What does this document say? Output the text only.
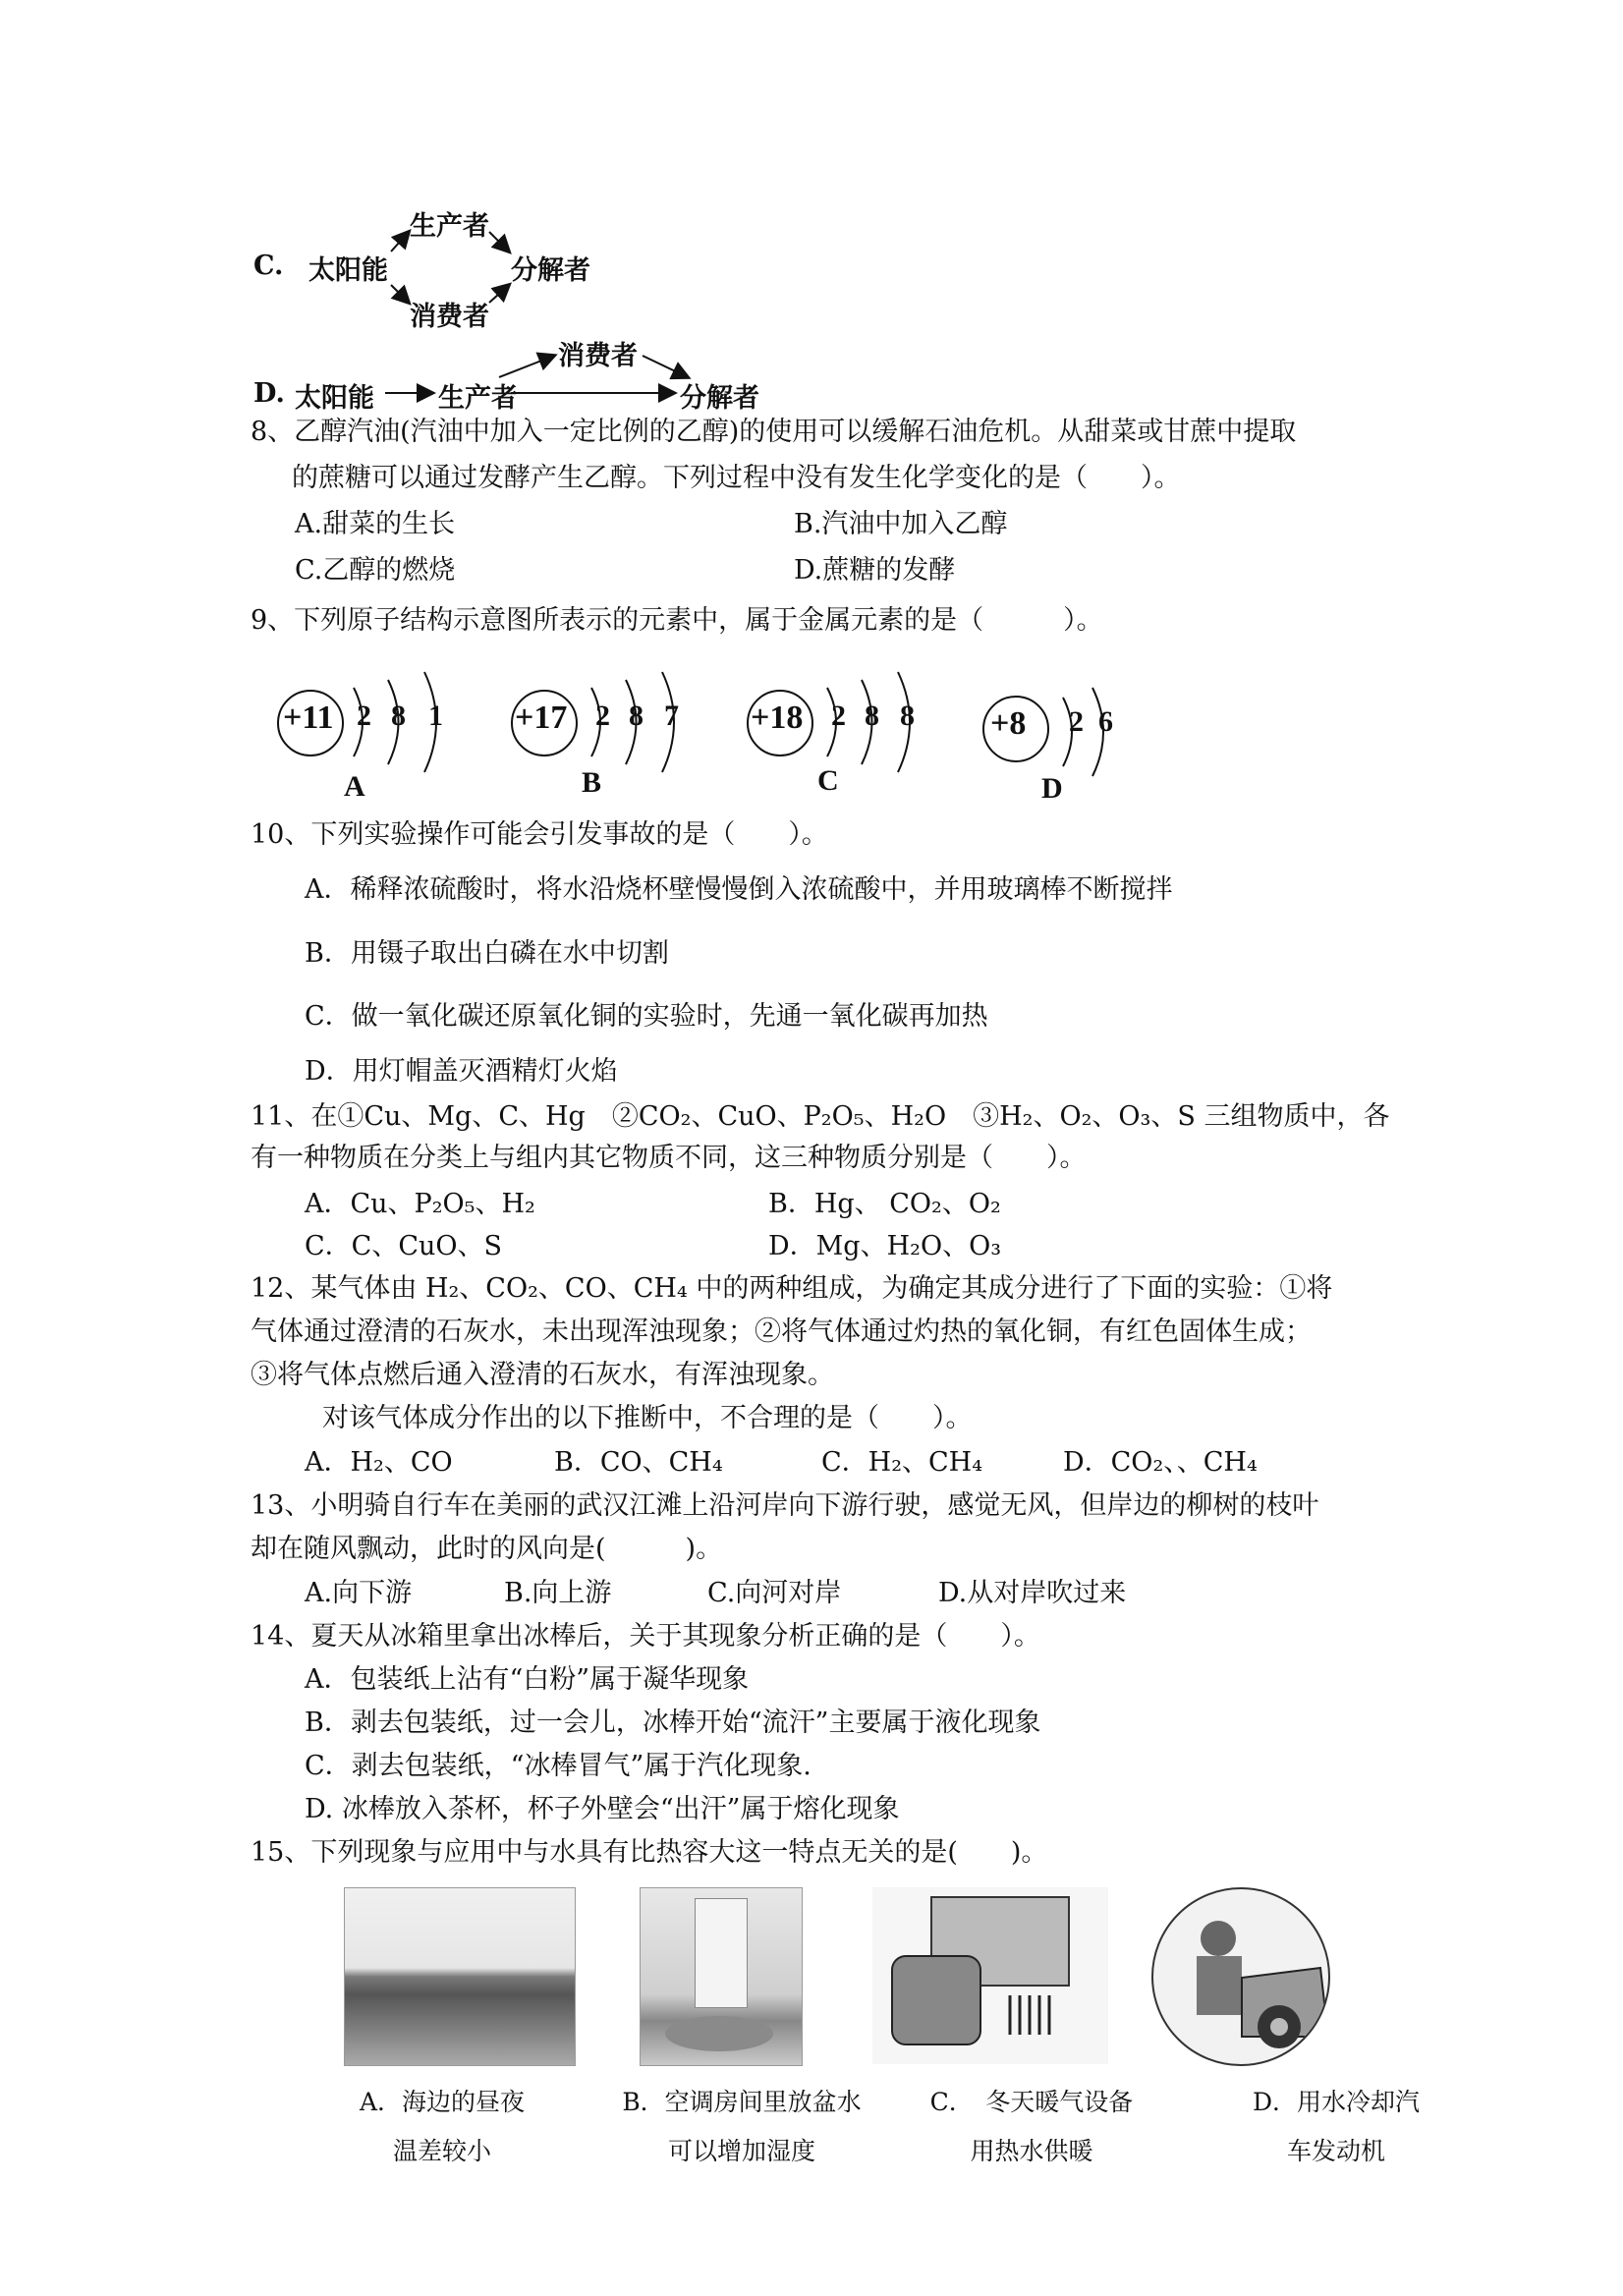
C. 太阳能
生产者
消费者
分解者
D. 太阳能 生产者
消费者
分解者
8、乙醇汽油(汽油中加入一定比例的乙醇)的使用可以缓解石油危机。从甜菜或甘蔗中提取
的蔗糖可以通过发酵产生乙醇。下列过程中没有发生化学变化的是（　　）。
A.甜菜的生长	B.汽油中加入乙醇
C.乙醇的燃烧	D.蔗糖的发酵
9、下列原子结构示意图所表示的元素中，属于金属元素的是（　　　）。
+11 2 8 1
A
+17 2 8 7
B
+18 2 8 8
C
+8 2 6
D
10、下列实验操作可能会引发事故的是（　　）。
A．稀释浓硫酸时，将水沿烧杯壁慢慢倒入浓硫酸中，并用玻璃棒不断搅拌
B．用镊子取出白磷在水中切割
C．做一氧化碳还原氧化铜的实验时，先通一氧化碳再加热
D．用灯帽盖灭酒精灯火焰
11、在①Cu、Mg、C、Hg　②CO₂、CuO、P₂O₅、H₂O　③H₂、O₂、O₃、S 三组物质中，各
有一种物质在分类上与组内其它物质不同，这三种物质分别是（　　）。
A．Cu、P₂O₅、H₂	B．Hg、 CO₂、O₂
C．C、CuO、S	D．Mg、H₂O、O₃
12、某气体由 H₂、CO₂、CO、CH₄ 中的两种组成，为确定其成分进行了下面的实验：①将
气体通过澄清的石灰水，未出现浑浊现象；②将气体通过灼热的氧化铜，有红色固体生成；
③将气体点燃后通入澄清的石灰水，有浑浊现象。
对该气体成分作出的以下推断中，不合理的是（　　）。
A．H₂、CO	B．CO、CH₄	C．H₂、CH₄	D．CO₂、、CH₄
13、小明骑自行车在美丽的武汉江滩上沿河岸向下游行驶，感觉无风，但岸边的柳树的枝叶
却在随风飘动，此时的风向是(　　　)。
A.向下游	B.向上游	C.向河对岸	D.从对岸吹过来
14、夏天从冰箱里拿出冰棒后，关于其现象分析正确的是（　　）。
A．包装纸上沾有“白粉”属于凝华现象
B．剥去包装纸，过一会儿，冰棒开始“流汗”主要属于液化现象
C．剥去包装纸，“冰棒冒气”属于汽化现象.
D. 冰棒放入茶杯，杯子外壁会“出汗”属于熔化现象
15、下列现象与应用中与水具有比热容大这一特点无关的是(　　)。
A．海边的昼夜
温差较小
B．空调房间里放盆水
可以增加湿度
C．　冬天暖气设备
用热水供暖
D．用水冷却汽
车发动机
